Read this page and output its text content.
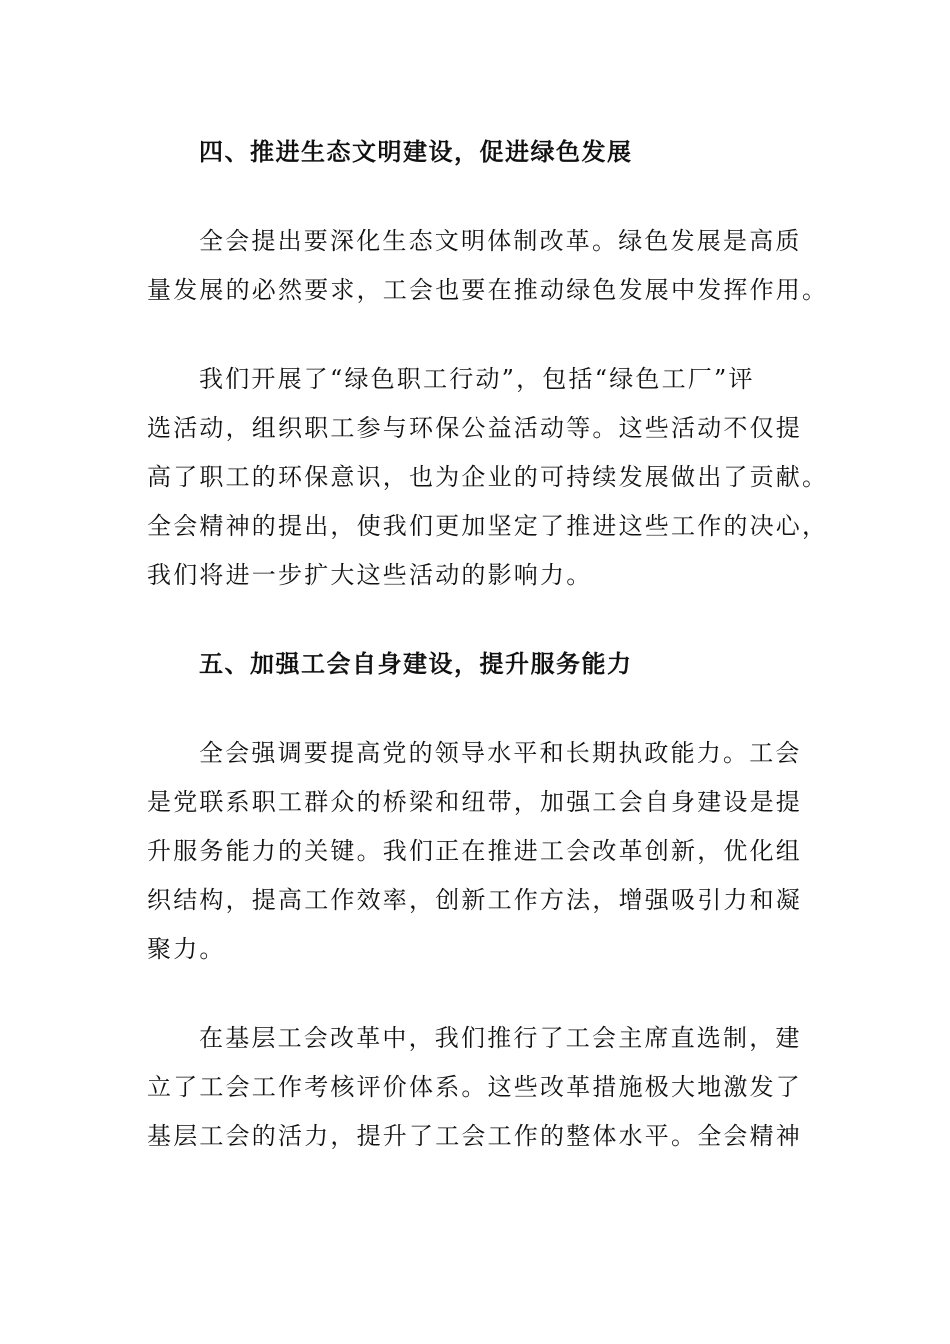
四、推进生态文明建设，促进绿色发展

全会提出要深化生态文明体制改革。绿色发展是高质
量发展的必然要求，工会也要在推动绿色发展中发挥作用。

我们开展了“绿色职工行动”，包括“绿色工厂”评
选活动，组织职工参与环保公益活动等。这些活动不仅提
高了职工的环保意识，也为企业的可持续发展做出了贡献。
全会精神的提出，使我们更加坚定了推进这些工作的决心，
我们将进一步扩大这些活动的影响力。

五、加强工会自身建设，提升服务能力

全会强调要提高党的领导水平和长期执政能力。工会
是党联系职工群众的桥梁和纽带，加强工会自身建设是提
升服务能力的关键。我们正在推进工会改革创新，优化组
织结构，提高工作效率，创新工作方法，增强吸引力和凝
聚力。

在基层工会改革中，我们推行了工会主席直选制，建
立了工会工作考核评价体系。这些改革措施极大地激发了
基层工会的活力，提升了工会工作的整体水平。全会精神
